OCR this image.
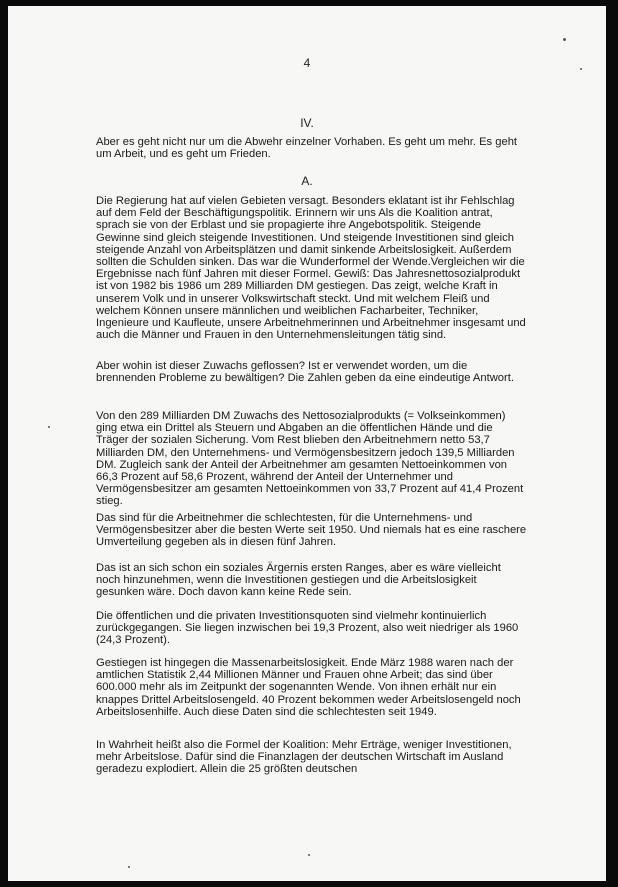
4
IV.

Aber es geht nicht nur um die Abwehr einzelner Vorhaben. Es geht um mehr. Es geht um Arbeit, und es geht um Frieden.

A.

Die Regierung hat auf vielen Gebieten versagt. Besonders eklatant ist ihr Fehlschlag auf dem Feld der Beschäftigungspolitik. Erinnern wir uns Als die Koalition antrat, sprach sie von der Erblast und sie propagierte ihre Angebotspolitik. Steigende Gewinne sind gleich steigende Investitionen. Und steigende Investitionen sind gleich steigende Anzahl von Arbeitsplätzen und damit sinkende Arbeitslosigkeit. Außerdem sollten die Schulden sinken. Das war die Wunderformel der Wende.Vergleichen wir die Ergebnisse nach fünf Jahren mit dieser Formel. Gewiß: Das Jahresnettosozialprodukt ist von 1982 bis 1986 um 289 Milliarden DM gestiegen. Das zeigt, welche Kraft in unserem Volk und in unserer Volkswirtschaft steckt. Und mit welchem Fleiß und welchem Können unsere männlichen und weiblichen Facharbeiter, Techniker, Ingenieure und Kaufleute, unsere Arbeitnehmerinnen und Arbeitnehmer insgesamt und auch die Männer und Frauen in den Unternehmensleitungen tätig sind.

Aber wohin ist dieser Zuwachs geflossen? Ist er verwendet worden, um die brennenden Probleme zu bewältigen? Die Zahlen geben da eine eindeutige Antwort.

Von den 289 Milliarden DM Zuwachs des Nettosozialprodukts (= Volkseinkommen) ging etwa ein Drittel als Steuern und Abgaben an die öffentlichen Hände und die Träger der sozialen Sicherung. Vom Rest blieben den Arbeitnehmern netto 53,7 Milliarden DM, den Unternehmens- und Vermögensbesitzern jedoch 139,5 Milliarden DM. Zugleich sank der Anteil der Arbeitnehmer am gesamten Nettoeinkommen von 66,3 Prozent auf 58,6 Prozent, während der Anteil der Unternehmer und Vermögensbesitzer am gesamten Nettoeinkommen von 33,7 Prozent auf 41,4 Prozent stieg.

Das sind für die Arbeitnehmer die schlechtesten, für die Unternehmens- und Vermögensbesitzer aber die besten Werte seit 1950. Und niemals hat es eine raschere Umverteilung gegeben als in diesen fünf Jahren.

Das ist an sich schon ein soziales Ärgernis ersten Ranges, aber es wäre vielleicht noch hinzunehmen, wenn die Investitionen gestiegen und die Arbeitslosigkeit gesunken wäre. Doch davon kann keine Rede sein.

Die öffentlichen und die privaten Investitionsquoten sind vielmehr kontinuierlich zurückgegangen. Sie liegen inzwischen bei 19,3 Prozent, also weit niedriger als 1960 (24,3 Prozent).

Gestiegen ist hingegen die Massenarbeitslosigkeit. Ende März 1988 waren nach der amtlichen Statistik 2,44 Millionen Männer und Frauen ohne Arbeit; das sind über 600.000 mehr als im Zeitpunkt der sogenannten Wende. Von ihnen erhält nur ein knappes Drittel Arbeitslosengeld. 40 Prozent bekommen weder Arbeitslosengeld noch Arbeitslosenhilfe. Auch diese Daten sind die schlechtesten seit 1949.

In Wahrheit heißt also die Formel der Koalition: Mehr Erträge, weniger Investitionen, mehr Arbeitslose. Dafür sind die Finanzlagen der deutschen Wirtschaft im Ausland geradezu explodiert. Allein die 25 größten deutschen
